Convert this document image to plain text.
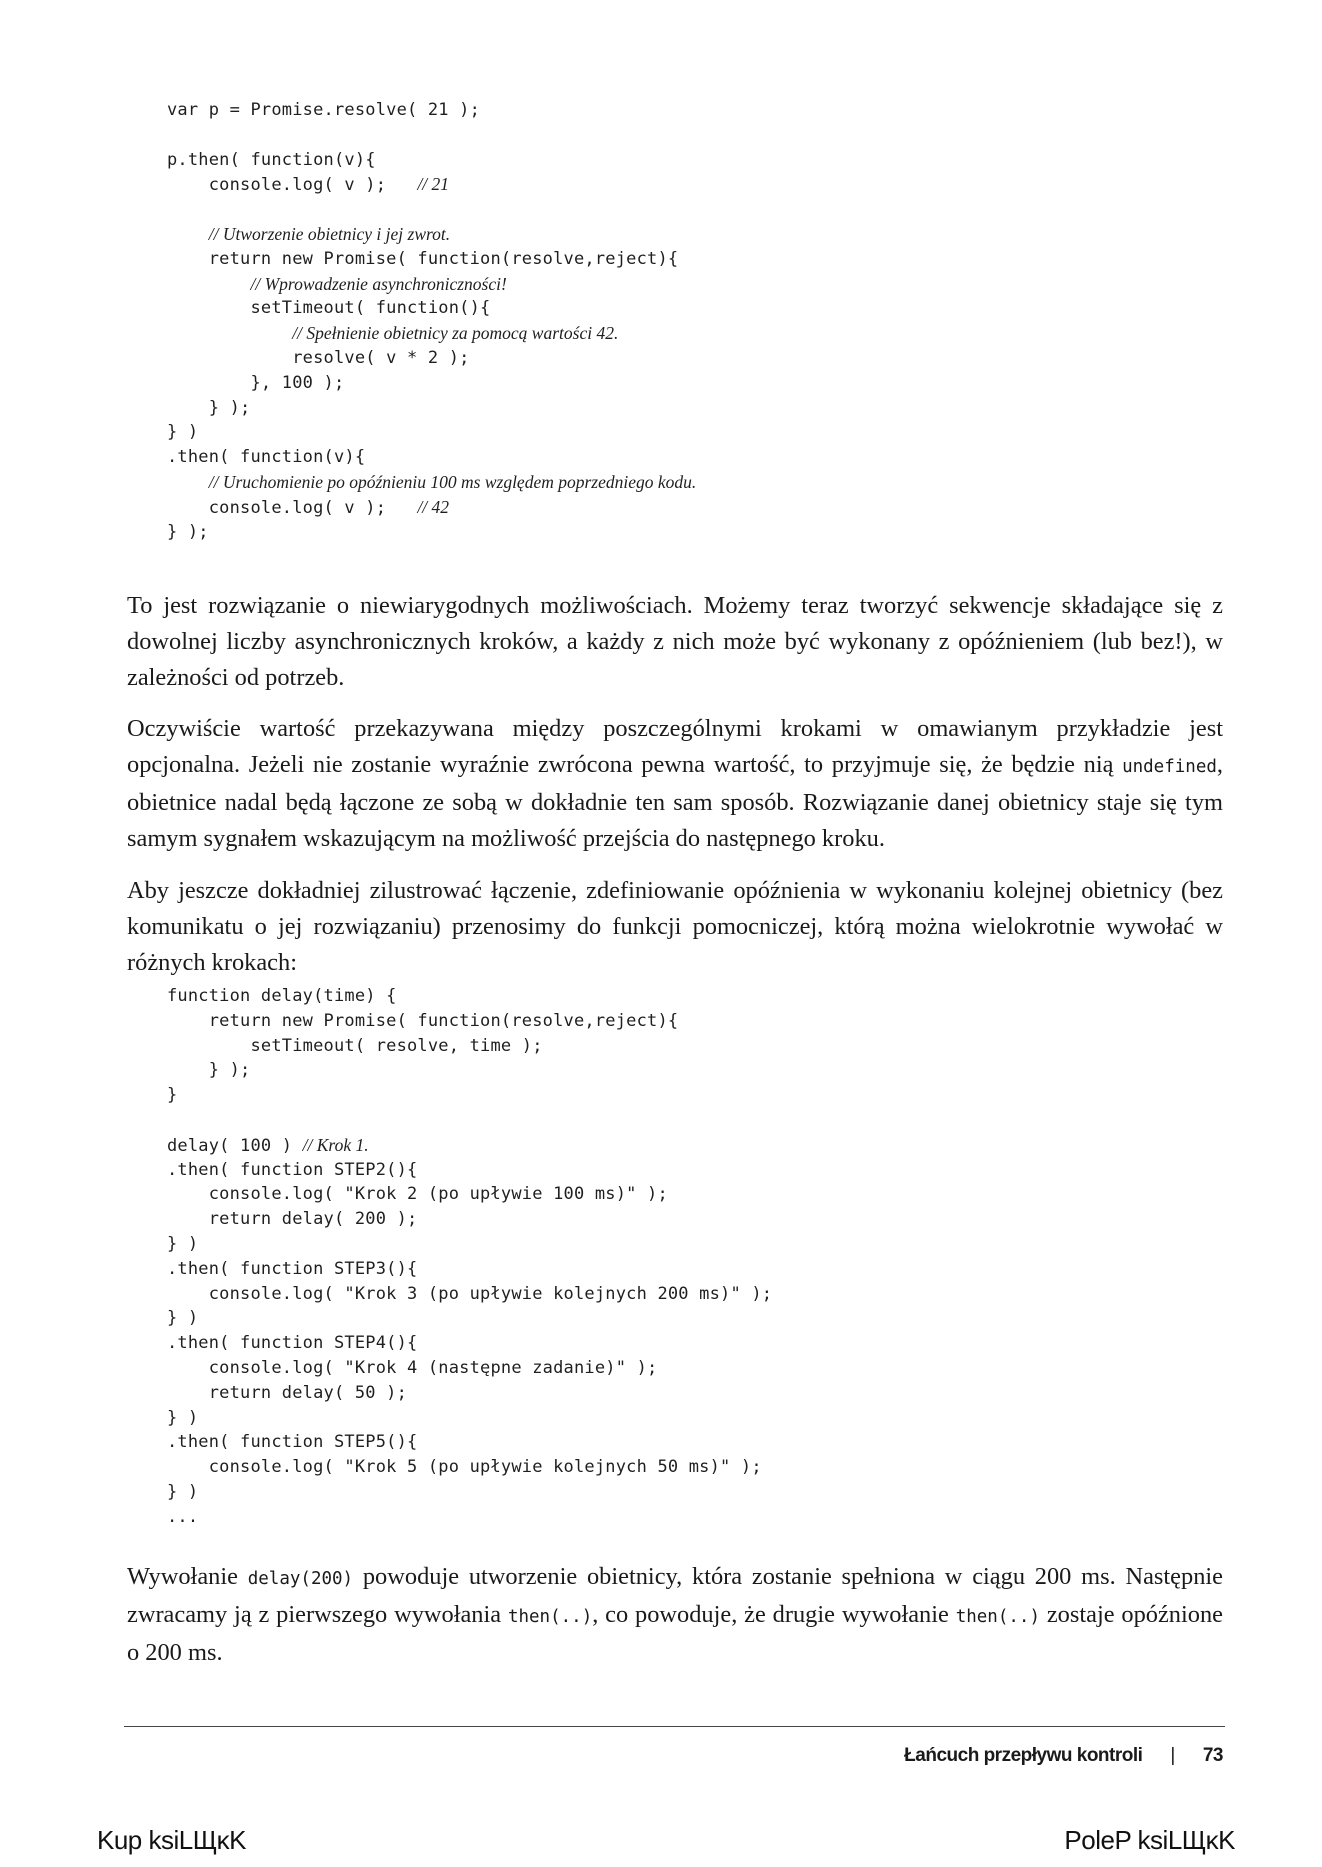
var p = Promise.resolve( 21 );
p.then( function(v){
console.log( v );   // 21
// Utworzenie obietnicy i jej zwrot.
return new Promise( function(resolve,reject){
// Wprowadzenie asynchroniczności!
setTimeout( function(){
// Spełnienie obietnicy za pomocą wartości 42.
resolve( v * 2 );
}, 100 );
} );
} )
.then( function(v){
// Uruchomienie po opóźnieniu 100 ms względem poprzedniego kodu.
console.log( v );   // 42
} );

To jest rozwiązanie o niewiarygodnych możliwościach. Możemy teraz tworzyć sekwencje składające się z dowolnej liczby asynchronicznych kroków, a każdy z nich może być wykonany z opóźnieniem (lub bez!), w zależności od potrzeb.

Oczywiście wartość przekazywana między poszczególnymi krokami w omawianym przykładzie jest opcjonalna. Jeżeli nie zostanie wyraźnie zwrócona pewna wartość, to przyjmuje się, że będzie nią undefined, obietnice nadal będą łączone ze sobą w dokładnie ten sam sposób. Rozwiązanie danej obietnicy staje się tym samym sygnałem wskazującym na możliwość przejścia do następnego kroku.

Aby jeszcze dokładniej zilustrować łączenie, zdefiniowanie opóźnienia w wykonaniu kolejnej obietnicy (bez komunikatu o jej rozwiązaniu) przenosimy do funkcji pomocniczej, którą można wielokrotnie wywołać w różnych krokach:

function delay(time) {
return new Promise( function(resolve,reject){
setTimeout( resolve, time );
} );
}
delay( 100 ) // Krok 1.
.then( function STEP2(){
console.log( "Krok 2 (po upływie 100 ms)" );
return delay( 200 );
} )
.then( function STEP3(){
console.log( "Krok 3 (po upływie kolejnych 200 ms)" );
} )
.then( function STEP4(){
console.log( "Krok 4 (następne zadanie)" );
return delay( 50 );
} )
.then( function STEP5(){
console.log( "Krok 5 (po upływie kolejnych 50 ms)" );
} )
...

Wywołanie delay(200) powoduje utworzenie obietnicy, która zostanie spełniona w ciągu 200 ms. Następnie zwracamy ją z pierwszego wywołania then(..), co powoduje, że drugie wywołanie then(..) zostaje opóźnione o 200 ms.

Łańcuch przepływu kontroli | 73
Kup ksiLЩĸK	PoleP ksiLЩĸK
